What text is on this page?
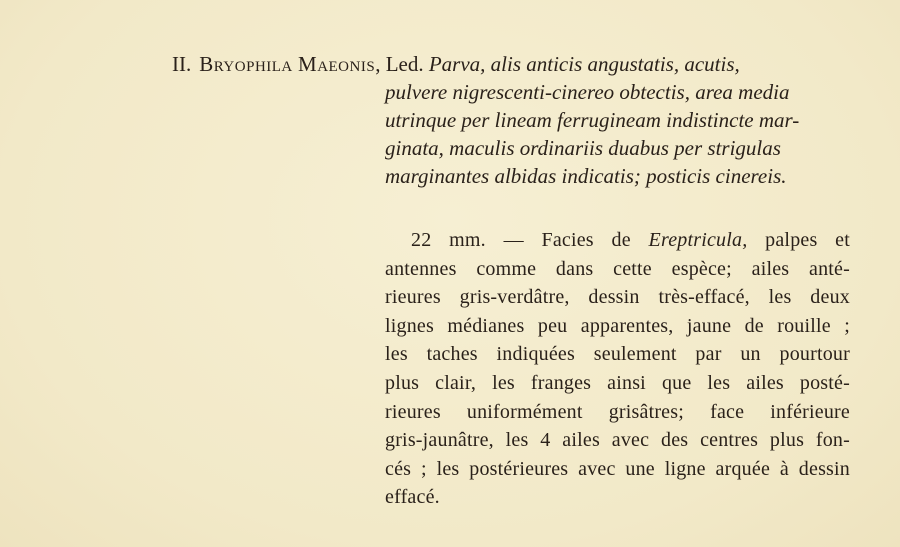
II. Bryophila Maeonis, Led. Parva, alis anticis angustatis, acutis,
pulvere nigrescenti-cinereo obtectis, area media
utrinque per lineam ferrugineam indistincte mar-
ginata, maculis ordinariis duabus per strigulas
marginantes albidas indicatis; posticis cinereis.
22 mm. — Facies de Ereptricula, palpes et
antennes comme dans cette espèce; ailes anté-
rieures gris-verdâtre, dessin très-effacé, les deux
lignes médianes peu apparentes, jaune de rouille ;
les taches indiquées seulement par un pourtour
plus clair, les franges ainsi que les ailes posté-
rieures uniformément grisâtres; face inférieure
gris-jaunâtre, les 4 ailes avec des centres plus fon-
cés ; les postérieures avec une ligne arquée à dessin
effacé.
